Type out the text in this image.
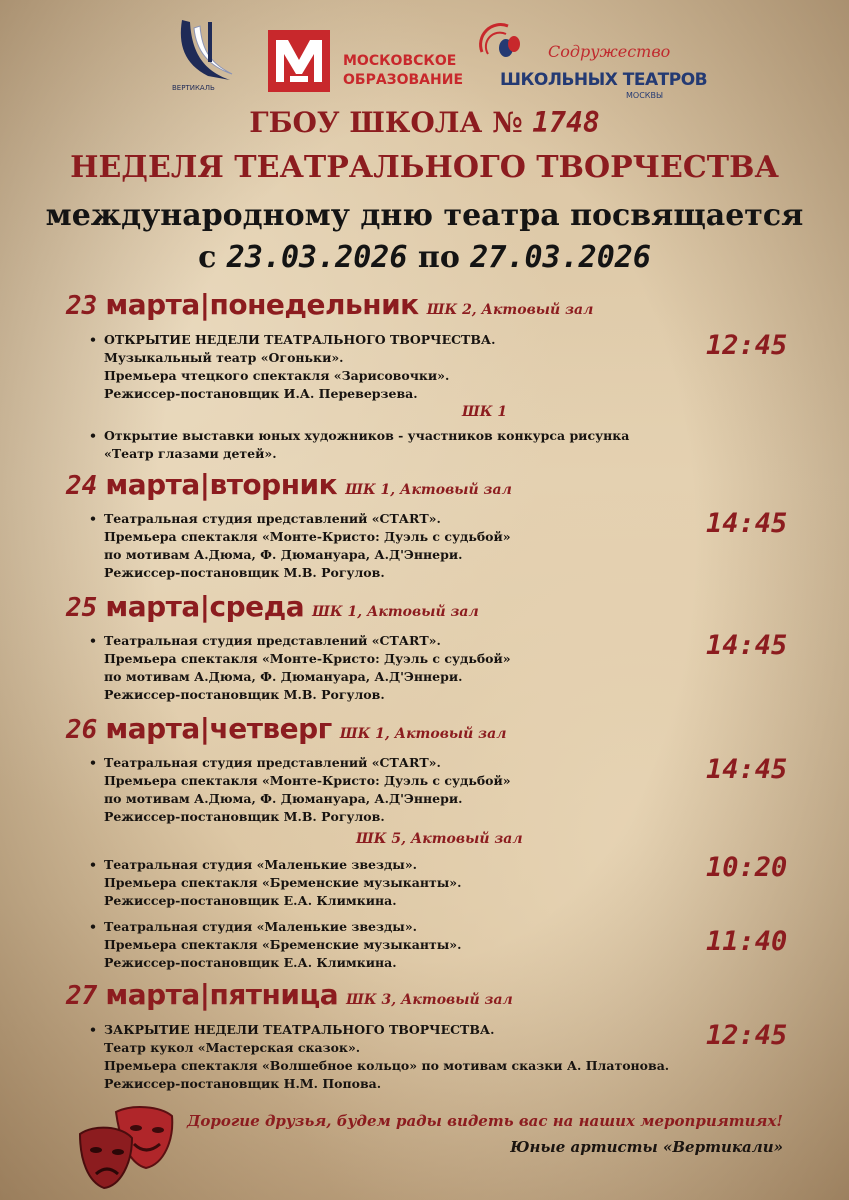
ВЕРТИКАЛЬ
МОСКОВСКОЕ
ОБРАЗОВАНИЕ
Содружество
ШКОЛЬНЫХ ТЕАТРОВ
МОСКВЫ
ГБОУ ШКОЛА № 1748
НЕДЕЛЯ ТЕАТРАЛЬНОГО ТВОРЧЕСТВА
международному дню театра посвящается
с 23.03.2026 по 27.03.2026
23 марта|понедельник ШК 2, Актовый зал
• ОТКРЫТИЕ НЕДЕЛИ ТЕАТРАЛЬНОГО ТВОРЧЕСТВА.
Музыкальный театр «Огоньки».
Премьера чтецкого спектакля «Зарисовочки».
Режиссер-постановщик И.А. Переверзева.
12:45
ШК 1
• Открытие выставки юных художников - участников конкурса рисунка
«Театр глазами детей».
24 марта|вторник ШК 1, Актовый зал
• Театральная студия представлений «СТАRТ».
Премьера спектакля «Монте-Кристо: Дуэль с судьбой»
по мотивам А.Дюма, Ф. Дюмануара, А.Д'Эннери.
Режиссер-постановщик М.В. Рогулов.
14:45
25 марта|среда ШК 1, Актовый зал
• Театральная студия представлений «СТАRТ».
Премьера спектакля «Монте-Кристо: Дуэль с судьбой»
по мотивам А.Дюма, Ф. Дюмануара, А.Д'Эннери.
Режиссер-постановщик М.В. Рогулов.
14:45
26 марта|четверг ШК 1, Актовый зал
• Театральная студия представлений «СТАRТ».
Премьера спектакля «Монте-Кристо: Дуэль с судьбой»
по мотивам А.Дюма, Ф. Дюмануара, А.Д'Эннери.
Режиссер-постановщик М.В. Рогулов.
14:45
ШК 5, Актовый зал
• Театральная студия «Маленькие звезды».
Премьера спектакля «Бременские музыканты».
Режиссер-постановщик Е.А. Климкина.
10:20
• Театральная студия «Маленькие звезды».
Премьера спектакля «Бременские музыканты».
Режиссер-постановщик Е.А. Климкина.
11:40
27 марта|пятница ШК 3, Актовый зал
• ЗАКРЫТИЕ НЕДЕЛИ ТЕАТРАЛЬНОГО ТВОРЧЕСТВА.
Театр кукол «Мастерская сказок».
Премьера спектакля «Волшебное кольцо» по мотивам сказки А. Платонова.
Режиссер-постановщик Н.М. Попова.
12:45
Дорогие друзья, будем рады видеть вас на наших мероприятиях!
Юные артисты «Вертикали»
